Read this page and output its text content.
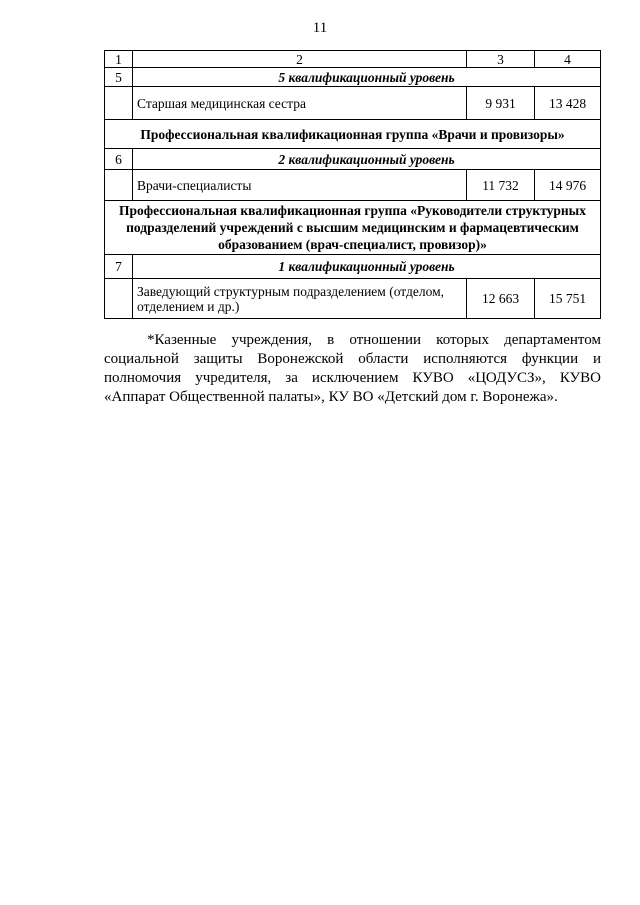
11
1	2	3	4
5	5 квалификационный уровень		
	Старшая медицинская сестра	9 931	13 428
Профессиональная квалификационная группа «Врачи и провизоры»			
6	2 квалификационный уровень		
	Врачи-специалисты	11 732	14 976
Профессиональная квалификационная группа «Руководители структурных подразделений учреждений с высшим медицинским и фармацевтическим образованием (врач-специалист, провизор)»			
7	1 квалификационный уровень		
	Заведующий структурным подразделением (отделом, отделением и др.)	12 663	15 751
*Казенные учреждения, в отношении которых департаментом социальной защиты Воронежской области исполняются функции и полномочия учредителя, за исключением КУВО «ЦОДУСЗ», КУВО «Аппарат Общественной палаты», КУ ВО «Детский дом г. Воронежа».
